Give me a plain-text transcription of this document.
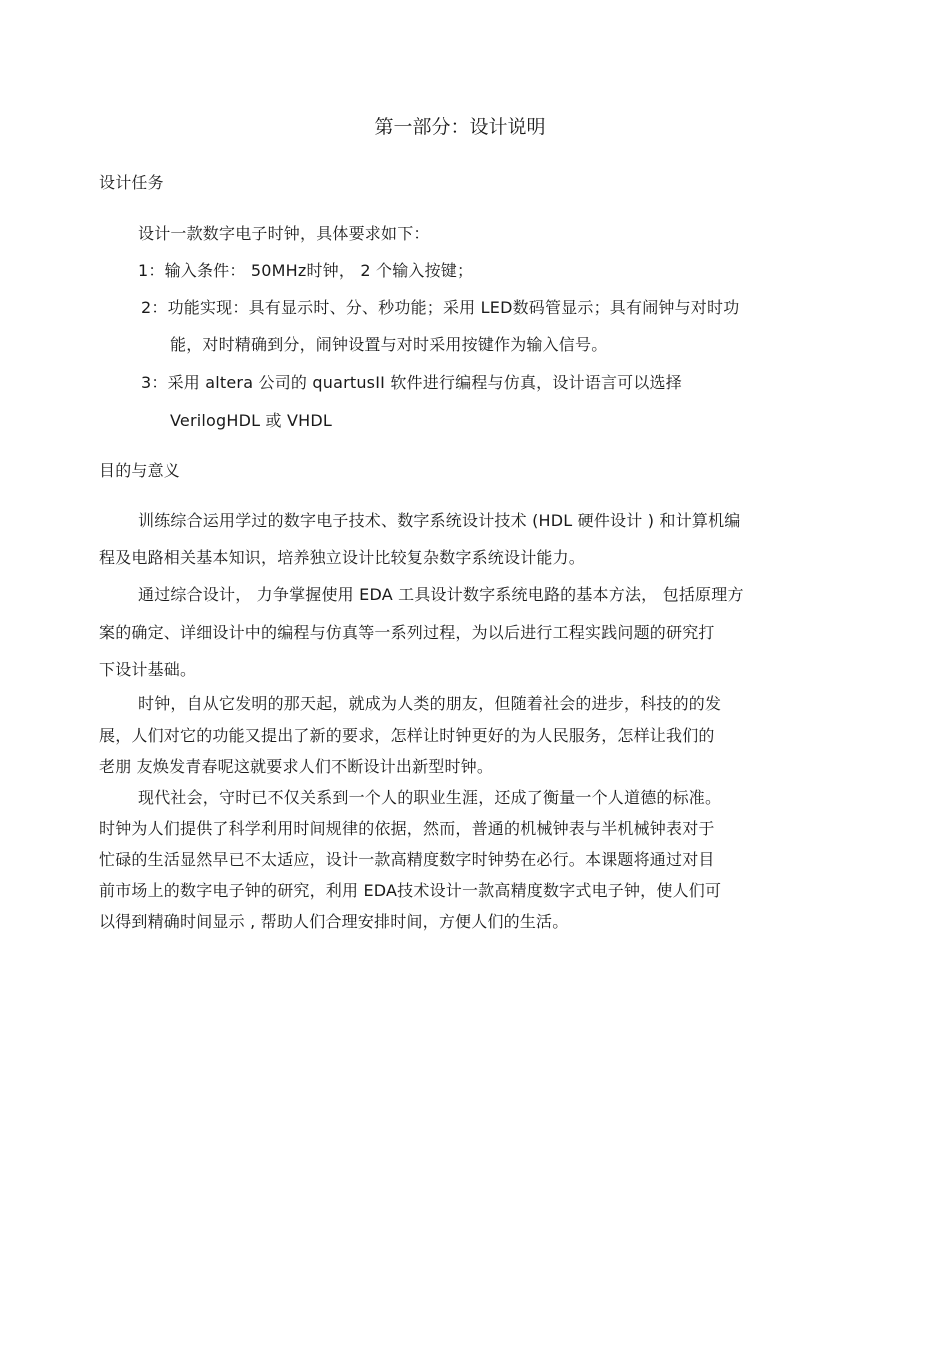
第一部分：设计说明
设计任务
设计一款数字电子时钟，具体要求如下：
1：输入条件： 50MHz时钟， 2 个输入按键；
2：功能实现：具有显示时、分、秒功能；采用 LED数码管显示；具有闹钟与对时功
能，对时精确到分，闹钟设置与对时采用按键作为输入信号。
3：采用 altera 公司的 quartusII 软件进行编程与仿真，设计语言可以选择
VerilogHDL 或 VHDL
目的与意义
训练综合运用学过的数字电子技术、数字系统设计技术 (HDL 硬件设计 ) 和计算机编
程及电路相关基本知识，培养独立设计比较复杂数字系统设计能力。
通过综合设计， 力争掌握使用 EDA 工具设计数字系统电路的基本方法， 包括原理方
案的确定、详细设计中的编程与仿真等一系列过程，为以后进行工程实践问题的研究打
下设计基础。
时钟，自从它发明的那天起，就成为人类的朋友，但随着社会的进步，科技的的发
展，人们对它的功能又提出了新的要求，怎样让时钟更好的为人民服务，怎样让我们的
老朋 友焕发青春呢这就要求人们不断设计出新型时钟。
现代社会，守时已不仅关系到一个人的职业生涯，还成了衡量一个人道德的标准。
时钟为人们提供了科学利用时间规律的依据，然而，普通的机械钟表与半机械钟表对于
忙碌的生活显然早已不太适应，设计一款高精度数字时钟势在必行。本课题将通过对目
前市场上的数字电子钟的研究，利用 EDA技术设计一款高精度数字式电子钟，使人们可
以得到精确时间显示 , 帮助人们合理安排时间，方便人们的生活。
